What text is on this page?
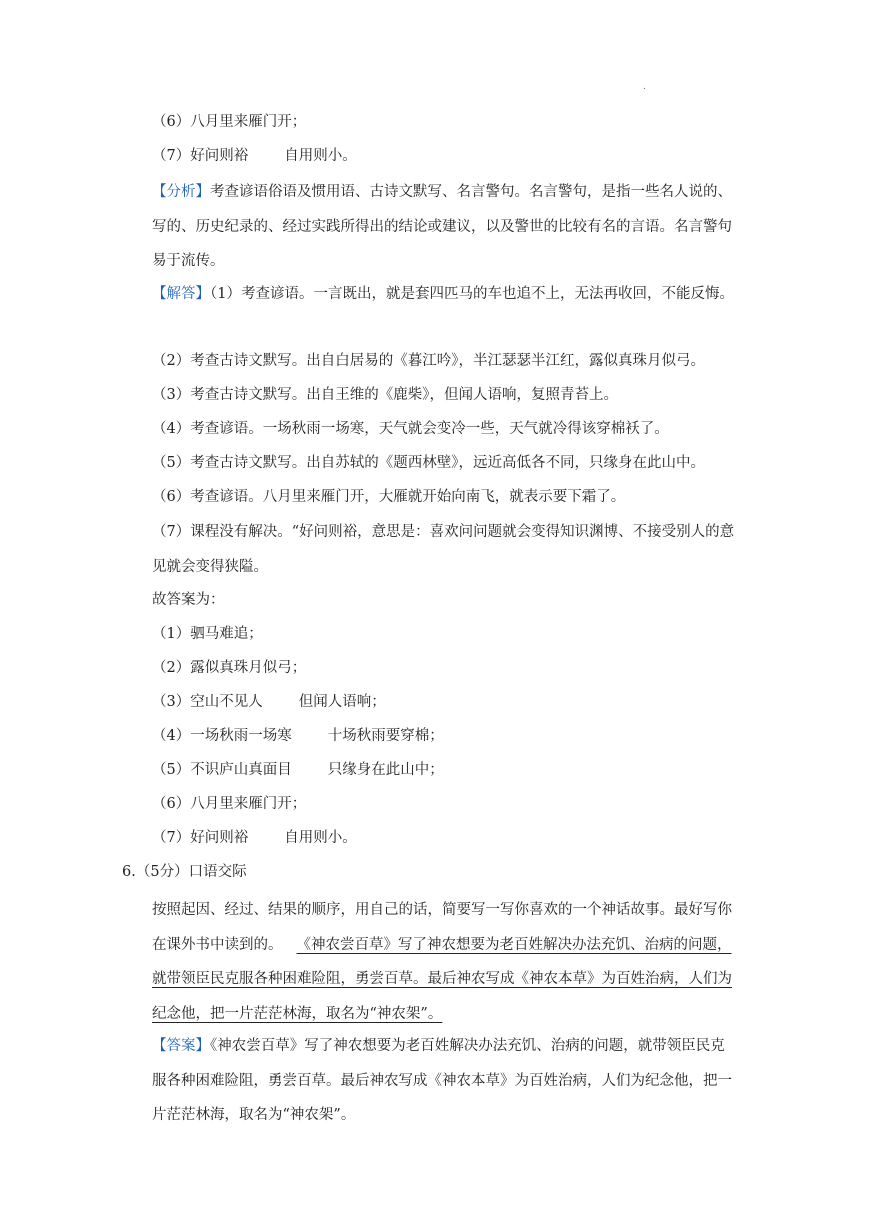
.
（6）八月里来雁门开；
（7）好问则裕 自用则小。
【分析】考查谚语俗语及惯用语、古诗文默写、名言警句。名言警句，是指一些名人说的、写的、历史纪录的、经过实践所得出的结论或建议，以及警世的比较有名的言语。名言警句易于流传。
【解答】（1）考查谚语。一言既出，就是套四匹马的车也追不上，无法再收回，不能反悔。
（2）考查古诗文默写。出自白居易的《暮江吟》，半江瑟瑟半江红，露似真珠月似弓。
（3）考查古诗文默写。出自王维的《鹿柴》，但闻人语响，复照青苔上。
（4）考查谚语。一场秋雨一场寒，天气就会变冷一些，天气就冷得该穿棉袄了。
（5）考查古诗文默写。出自苏轼的《题西林壁》，远近高低各不同，只缘身在此山中。
（6）考查谚语。八月里来雁门开，大雁就开始向南飞，就表示要下霜了。
（7）课程没有解决。“好问则裕，意思是：喜欢问问题就会变得知识渊博、不接受别人的意见就会变得狭隘。
故答案为：
（1）驷马难追；
（2）露似真珠月似弓；
（3）空山不见人 但闻人语响；
（4）一场秋雨一场寒 十场秋雨要穿棉；
（5）不识庐山真面目 只缘身在此山中；
（6）八月里来雁门开；
（7）好问则裕 自用则小。
6.（5分）口语交际
按照起因、经过、结果的顺序，用自己的话，简要写一写你喜欢的一个神话故事。最好写你在课外书中读到的。 《神农尝百草》写了神农想要为老百姓解决办法充饥、治病的问题，就带领臣民克服各种困难险阻，勇尝百草。最后神农写成《神农本草》为百姓治病，人们为纪念他，把一片茫茫林海，取名为“神农架”。
【答案】《神农尝百草》写了神农想要为老百姓解决办法充饥、治病的问题，就带领臣民克服各种困难险阻，勇尝百草。最后神农写成《神农本草》为百姓治病，人们为纪念他，把一片茫茫林海，取名为“神农架”。
